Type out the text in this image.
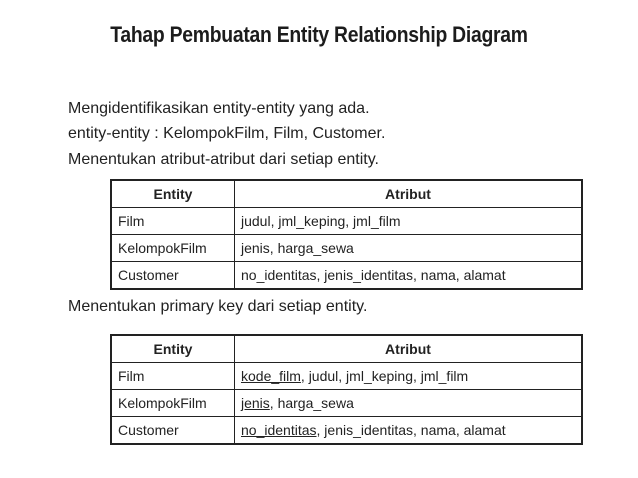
Tahap Pembuatan Entity Relationship Diagram
Mengidentifikasikan entity-entity yang ada.
entity-entity : KelompokFilm, Film, Customer.
Menentukan atribut-atribut dari setiap entity.
Entity	Atribut
Film	judul, jml_keping, jml_film
KelompokFilm	jenis, harga_sewa
Customer	no_identitas, jenis_identitas, nama, alamat
Menentukan primary key dari setiap entity.
Entity	Atribut
Film	kode_film, judul, jml_keping, jml_film
KelompokFilm	jenis, harga_sewa
Customer	no_identitas, jenis_identitas, nama, alamat
